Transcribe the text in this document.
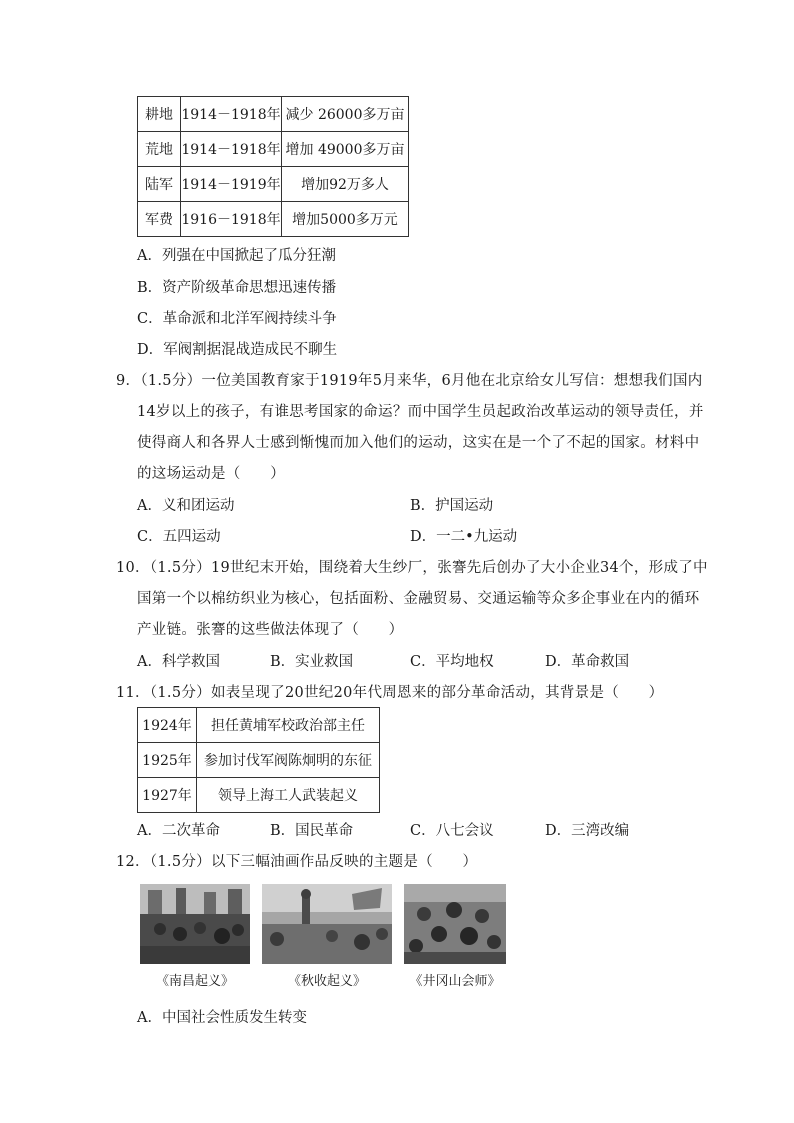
耕地	1914－1918年	减少 26000多万亩
荒地	1914－1918年	增加 49000多万亩
陆军	1914－1919年	增加92万多人
军费	1916－1918年	增加5000多万元
A．列强在中国掀起了瓜分狂潮
B．资产阶级革命思想迅速传播
C．革命派和北洋军阀持续斗争
D．军阀割据混战造成民不聊生
9．（1.5分）一位美国教育家于1919年5月来华，6月他在北京给女儿写信：想想我们国内
14岁以上的孩子，有谁思考国家的命运？而中国学生员起政治改革运动的领导责任，并
使得商人和各界人士感到惭愧而加入他们的运动，这实在是一个了不起的国家。材料中
的这场运动是（　　）
A．义和团运动	B．护国运动
C．五四运动	D．一二•九运动
10．（1.5分）19世纪末开始，围绕着大生纱厂，张謇先后创办了大小企业34个，形成了中
国第一个以棉纺织业为核心，包括面粉、金融贸易、交通运输等众多企事业在内的循环
产业链。张謇的这些做法体现了（　　）
A．科学救国	B．实业救国	C．平均地权	D．革命救国
11．（1.5分）如表呈现了20世纪20年代周恩来的部分革命活动，其背景是（　　）
1924年	担任黄埔军校政治部主任
1925年	参加讨伐军阀陈炯明的东征
1927年	领导上海工人武装起义
A．二次革命	B．国民革命	C．八七会议	D．三湾改编
12．（1.5分）以下三幅油画作品反映的主题是（　　）
《南昌起义》	《秋收起义》	《井冈山会师》
A．中国社会性质发生转变
